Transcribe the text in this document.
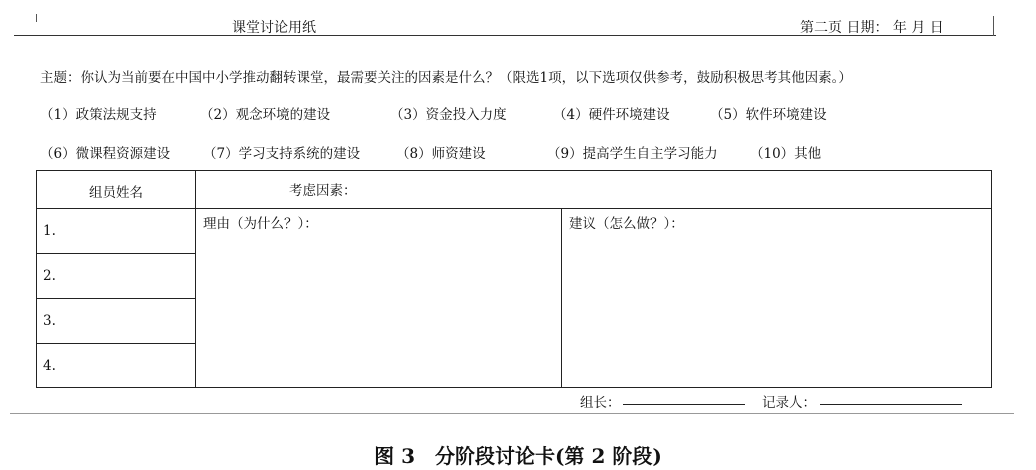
课堂讨论用纸	第二页 日期： 年 月 日
主题：你认为当前要在中国中小学推动翻转课堂，最需要关注的因素是什么？（限选1项，以下选项仅供参考，鼓励积极思考其他因素。）
（1）政策法规支持	（2）观念环境的建设	（3）资金投入力度	（4）硬件环境建设	（5）软件环境建设
（6）微课程资源建设 （7）学习支持系统的建设	（8）师资建设	（9）提高学生自主学习能力 （10）其他
组员姓名	考虑因素：
理由（为什么？）：	建议（怎么做？）：
1.
2.
3.
4.
组长：	记录人：
图 3　分阶段讨论卡(第 2 阶段)
